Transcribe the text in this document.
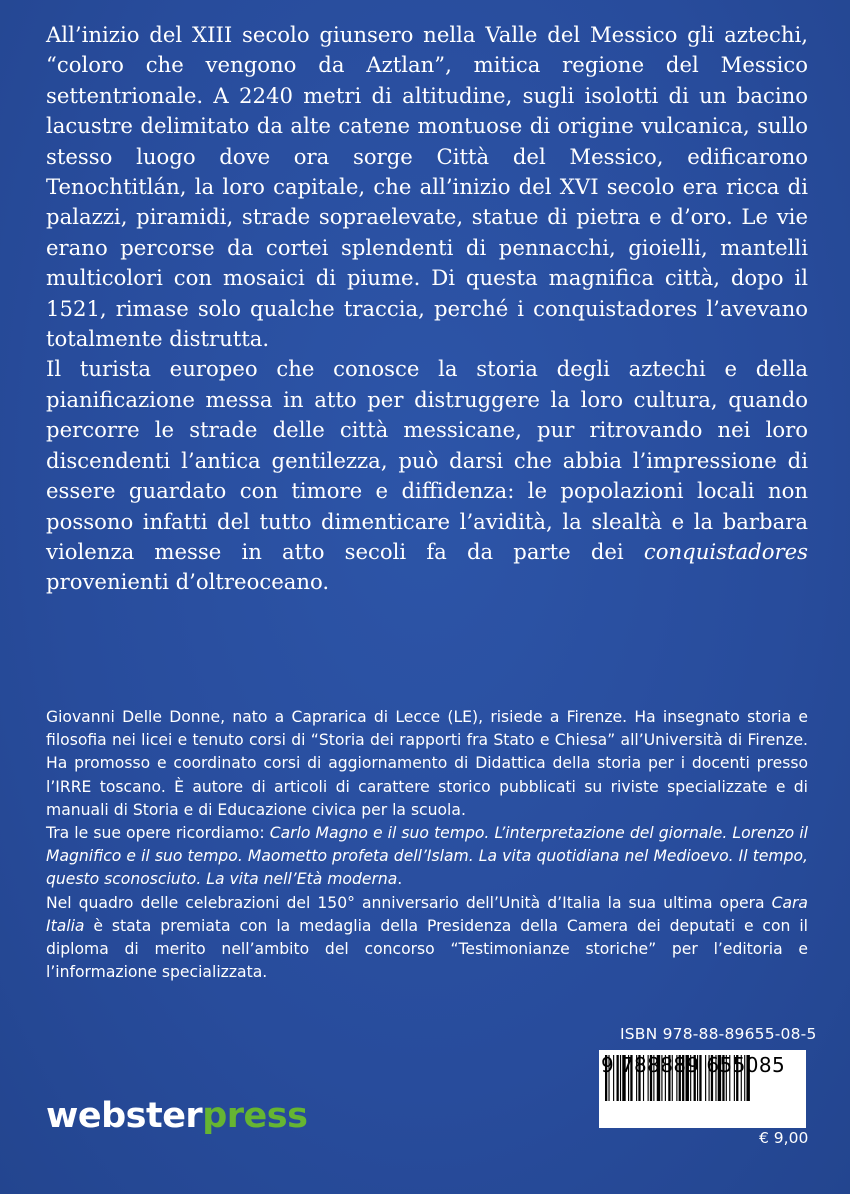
All’inizio del XIII secolo giunsero nella Valle del Messico gli aztechi, “coloro che vengono da Aztlan”, mitica regione del Messico settentrionale. A 2240 metri di altitudine, sugli isolotti di un bacino lacustre delimitato da alte catene montuose di origine vulcanica, sullo stesso luogo dove ora sorge Città del Messico, edificarono Tenochtitlán, la loro capitale, che all’inizio del XVI secolo era ricca di palazzi, piramidi, strade sopraelevate, statue di pietra e d’oro. Le vie erano percorse da cortei splendenti di pennacchi, gioielli, mantelli multicolori con mosaici di piume. Di questa magnifica città, dopo il 1521, rimase solo qualche traccia, perché i conquistadores l’avevano totalmente distrutta.

Il turista europeo che conosce la storia degli aztechi e della pianificazione messa in atto per distruggere la loro cultura, quando percorre le strade delle città messicane, pur ritrovando nei loro discendenti l’antica gentilezza, può darsi che abbia l’impressione di essere guardato con timore e diffidenza: le popolazioni locali non possono infatti del tutto dimenticare l’avidità, la slealtà e la barbara violenza messe in atto secoli fa da parte dei conquistadores provenienti d’oltreoceano.

Giovanni Delle Donne, nato a Caprarica di Lecce (LE), risiede a Firenze. Ha insegnato storia e filosofia nei licei e tenuto corsi di “Storia dei rapporti fra Stato e Chiesa” all’Università di Firenze. Ha promosso e coordinato corsi di aggiornamento di Didattica della storia per i docenti presso l’IRRE toscano. È autore di articoli di carattere storico pubblicati su riviste specializzate e di manuali di Storia e di Educazione civica per la scuola.

Tra le sue opere ricordiamo: Carlo Magno e il suo tempo. L’interpretazione del giornale. Lorenzo il Magnifico e il suo tempo. Maometto profeta dell’Islam. La vita quotidiana nel Medioevo. Il tempo, questo sconosciuto. La vita nell’Età moderna.

Nel quadro delle celebrazioni del 150° anniversario dell’Unità d’Italia la sua ultima opera Cara Italia è stata premiata con la medaglia della Presidenza della Camera dei deputati e con il diploma di merito nell’ambito del concorso “Testimonianze storiche” per l’editoria e l’informazione specializzata.

ISBN 978-88-89655-08-5
9 788889 655085
€ 9,00
websterpress
